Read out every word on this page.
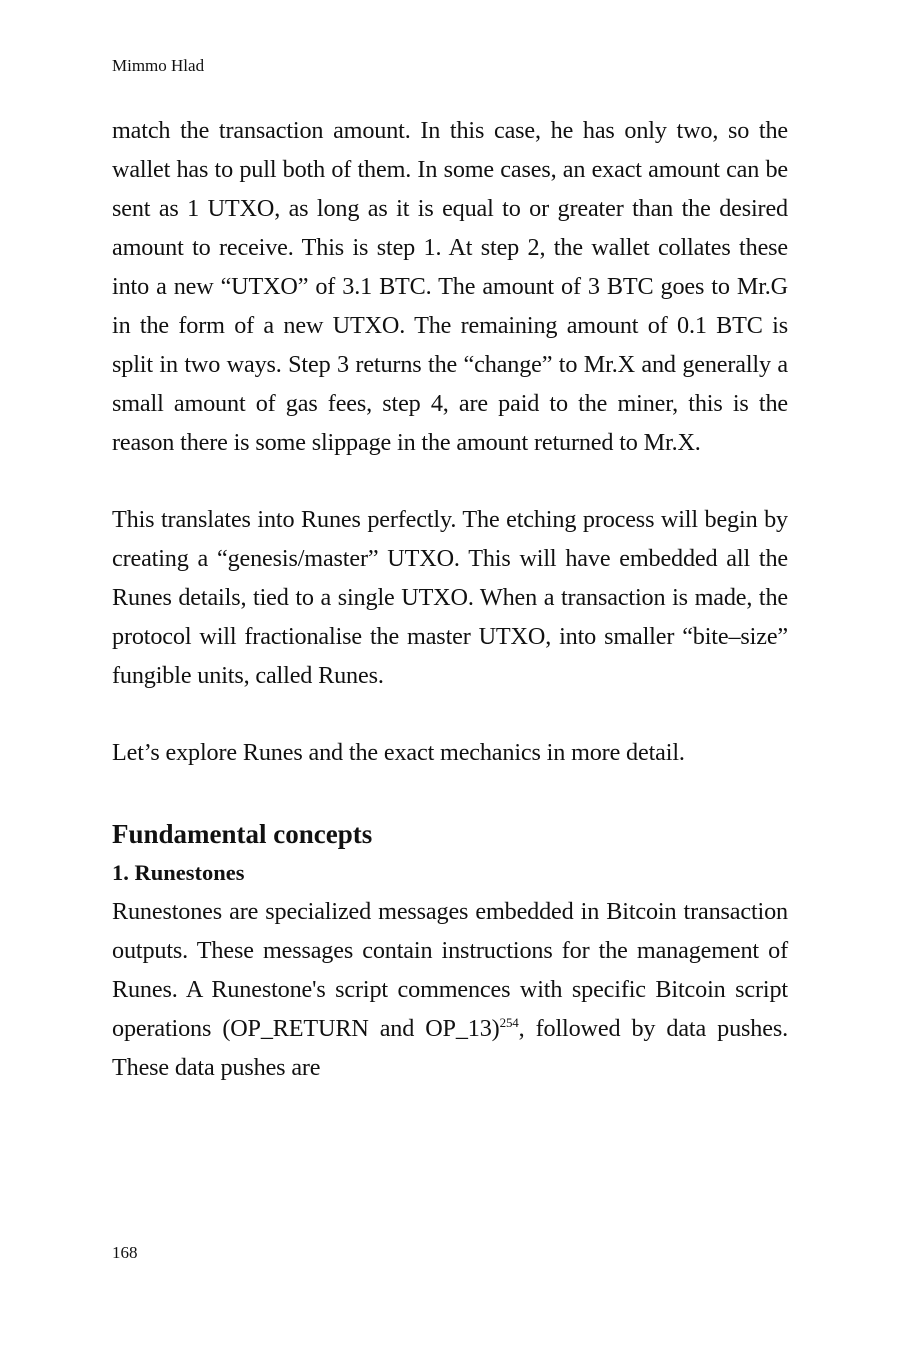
Mimmo Hlad

match the transaction amount. In this case, he has only two, so the wallet has to pull both of them. In some cases, an exact amount can be sent as 1 UTXO, as long as it is equal to or greater than the desired amount to receive. This is step 1. At step 2, the wallet collates these into a new “UTXO” of 3.1 BTC. The amount of 3 BTC goes to Mr.G in the form of a new UTXO. The remaining amount of 0.1 BTC is split in two ways. Step 3 returns the “change” to Mr.X and generally a small amount of gas fees, step 4, are paid to the miner, this is the reason there is some slippage in the amount returned to Mr.X.

This translates into Runes perfectly. The etching process will begin by creating a “genesis/master” UTXO. This will have embedded all the Runes details, tied to a single UTXO. When a transaction is made, the protocol will fractionalise the master UTXO, into smaller “bite–size” fungible units, called Runes.

Let’s explore Runes and the exact mechanics in more detail.

Fundamental concepts
1. Runestones

Runestones are specialized messages embedded in Bitcoin transaction outputs. These messages contain instructions for the management of Runes. A Runestone's script commences with specific Bitcoin script operations (OP_RETURN and OP_13)$^{254}$, followed by data pushes. These data pushes are

168
